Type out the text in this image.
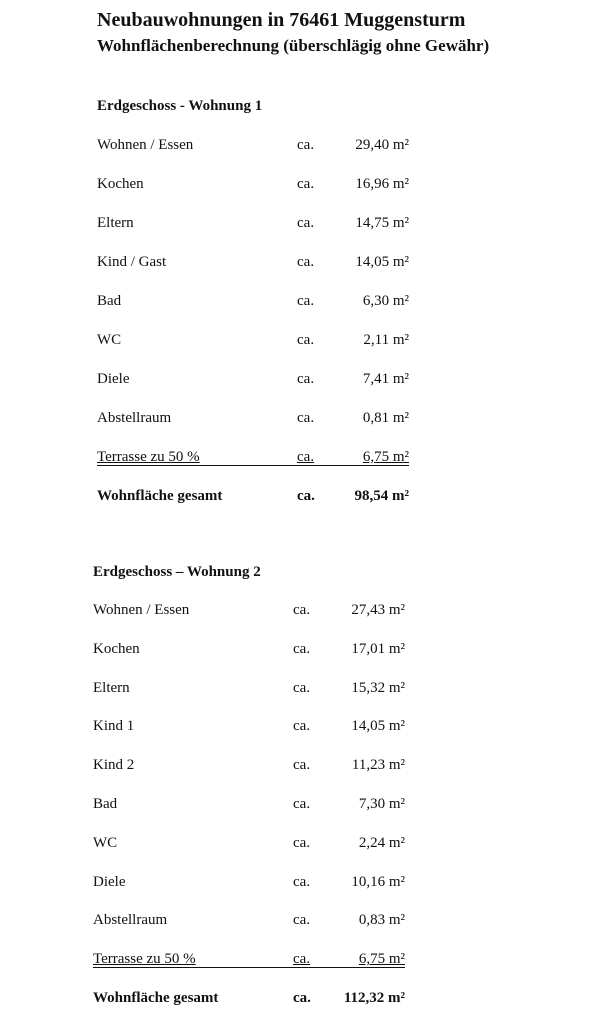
Neubauwohnungen in 76461 Muggensturm
Wohnflächenberechnung (überschlägig ohne Gewähr)
Erdgeschoss - Wohnung 1
Wohnen / Essen	ca.	29,40 m²
Kochen	ca.	16,96 m²
Eltern	ca.	14,75 m²
Kind / Gast	ca.	14,05 m²
Bad	ca.	6,30 m²
WC	ca.	2,11 m²
Diele	ca.	7,41 m²
Abstellraum	ca.	0,81 m²
Terrasse zu 50 %	ca.	6,75 m²
Wohnfläche gesamt	ca.	98,54 m²
Erdgeschoss – Wohnung 2
Wohnen / Essen	ca.	27,43 m²
Kochen	ca.	17,01 m²
Eltern	ca.	15,32 m²
Kind 1	ca.	14,05 m²
Kind 2	ca.	11,23 m²
Bad	ca.	7,30 m²
WC	ca.	2,24 m²
Diele	ca.	10,16 m²
Abstellraum	ca.	0,83 m²
Terrasse zu 50 %	ca.	6,75 m²
Wohnfläche gesamt	ca. 112,32 m²
